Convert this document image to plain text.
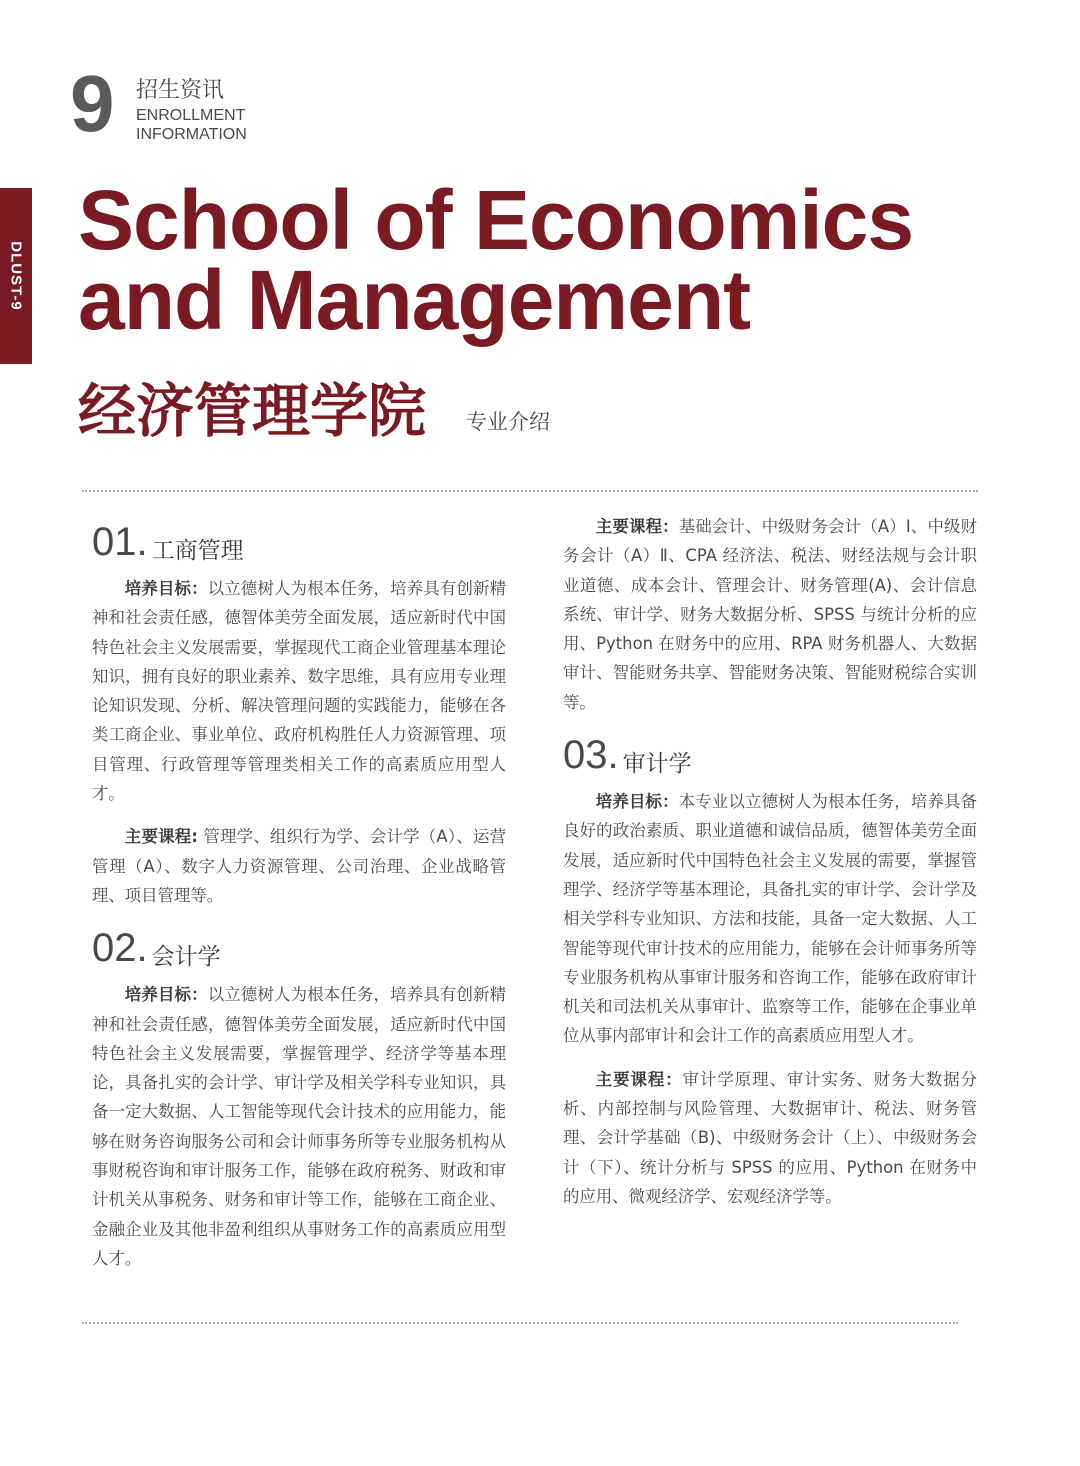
9 招生资讯
ENROLLMENT
INFORMATION
DLUST-9
School of Economics
and Management
经济管理学院 专业介绍
01. 工商管理

培养目标：以立德树人为根本任务，培养具有创新精神和社会责任感，德智体美劳全面发展，适应新时代中国特色社会主义发展需要，掌握现代工商企业管理基本理论知识，拥有良好的职业素养、数字思维，具有应用专业理论知识发现、分析、解决管理问题的实践能力，能够在各类工商企业、事业单位、政府机构胜任人力资源管理、项目管理、行政管理等管理类相关工作的高素质应用型人才。

主要课程: 管理学、组织行为学、会计学（A）、运营管理（A）、数字人力资源管理、公司治理、企业战略管理、项目管理等。

02. 会计学

培养目标：以立德树人为根本任务，培养具有创新精神和社会责任感，德智体美劳全面发展，适应新时代中国特色社会主义发展需要，掌握管理学、经济学等基本理论，具备扎实的会计学、审计学及相关学科专业知识，具备一定大数据、人工智能等现代会计技术的应用能力，能够在财务咨询服务公司和会计师事务所等专业服务机构从事财税咨询和审计服务工作，能够在政府税务、财政和审计机关从事税务、财务和审计等工作，能够在工商企业、金融企业及其他非盈利组织从事财务工作的高素质应用型人才。

主要课程：基础会计、中级财务会计（A）Ⅰ、中级财务会计（A）Ⅱ、CPA 经济法、税法、财经法规与会计职业道德、成本会计、管理会计、财务管理(A)、会计信息系统、审计学、财务大数据分析、SPSS 与统计分析的应用、Python 在财务中的应用、RPA 财务机器人、大数据审计、智能财务共享、智能财务决策、智能财税综合实训等。

03. 审计学

培养目标：本专业以立德树人为根本任务，培养具备良好的政治素质、职业道德和诚信品质，德智体美劳全面发展，适应新时代中国特色社会主义发展的需要，掌握管理学、经济学等基本理论，具备扎实的审计学、会计学及相关学科专业知识、方法和技能，具备一定大数据、人工智能等现代审计技术的应用能力，能够在会计师事务所等专业服务机构从事审计服务和咨询工作，能够在政府审计机关和司法机关从事审计、监察等工作，能够在企事业单位从事内部审计和会计工作的高素质应用型人才。

主要课程：审计学原理、审计实务、财务大数据分析、内部控制与风险管理、大数据审计、税法、财务管理、会计学基础（B)、中级财务会计（上）、中级财务会计（下）、统计分析与 SPSS 的应用、Python 在财务中的应用、微观经济学、宏观经济学等。
